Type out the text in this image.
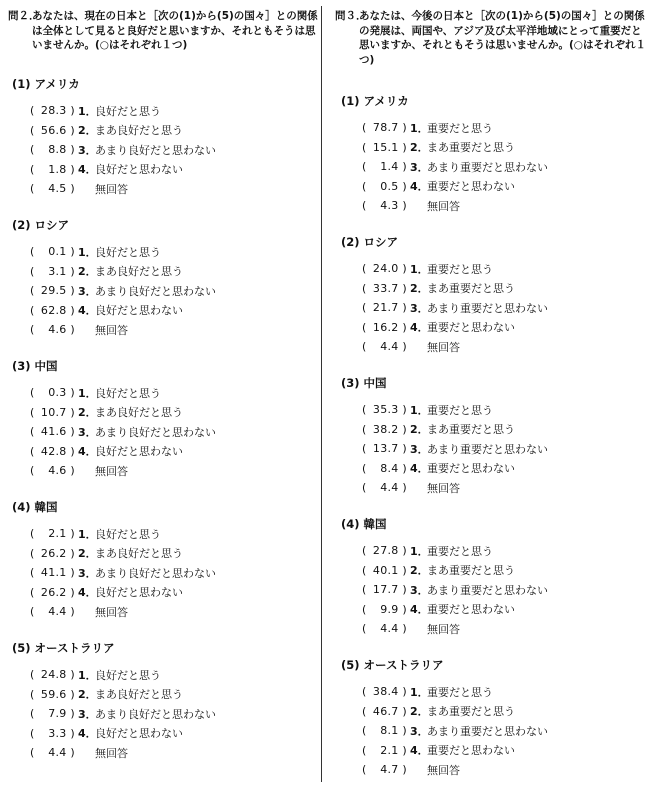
問２．
あなたは、現在の日本と［次の(1)から(5)の国々］との関係は全体として見ると良好だと思いますか、それともそうは思いませんか。(○はそれぞれ１つ)
(1) アメリカ
( 28.3 ) 1．
良好だと思う
( 56.6 ) 2．
まあ良好だと思う
( 8.8 ) 3．
あまり良好だと思わない
( 1.8 ) 4．
良好だと思わない
( 4.5 ) 無回答
(2) ロシア
( 0.1 ) 1．
良好だと思う
( 3.1 ) 2．
まあ良好だと思う
( 29.5 ) 3．
あまり良好だと思わない
( 62.8 ) 4．
良好だと思わない
( 4.6 ) 無回答
(3) 中国
( 0.3 ) 1．
良好だと思う
( 10.7 ) 2．
まあ良好だと思う
( 41.6 ) 3．
あまり良好だと思わない
( 42.8 ) 4．
良好だと思わない
( 4.6 ) 無回答
(4) 韓国
( 2.1 ) 1．
良好だと思う
( 26.2 ) 2．
まあ良好だと思う
( 41.1 ) 3．
あまり良好だと思わない
( 26.2 ) 4．
良好だと思わない
( 4.4 ) 無回答
(5) オーストラリア
( 24.8 ) 1．
良好だと思う
( 59.6 ) 2．
まあ良好だと思う
( 7.9 ) 3．
あまり良好だと思わない
( 3.3 ) 4．
良好だと思わない
( 4.4 ) 無回答
問３．
あなたは、今後の日本と［次の(1)から(5)の国々］との関係の発展は、両国や、アジア及び太平洋地域にとって重要だと思いますか、それともそうは思いませんか。(○はそれぞれ１つ)
(1) アメリカ
( 78.7 ) 1．
重要だと思う
( 15.1 ) 2．
まあ重要だと思う
( 1.4 ) 3．
あまり重要だと思わない
( 0.5 ) 4．
重要だと思わない
( 4.3 ) 無回答
(2) ロシア
( 24.0 ) 1．
重要だと思う
( 33.7 ) 2．
まあ重要だと思う
( 21.7 ) 3．
あまり重要だと思わない
( 16.2 ) 4．
重要だと思わない
( 4.4 ) 無回答
(3) 中国
( 35.3 ) 1．
重要だと思う
( 38.2 ) 2．
まあ重要だと思う
( 13.7 ) 3．
あまり重要だと思わない
( 8.4 ) 4．
重要だと思わない
( 4.4 ) 無回答
(4) 韓国
( 27.8 ) 1．
重要だと思う
( 40.1 ) 2．
まあ重要だと思う
( 17.7 ) 3．
あまり重要だと思わない
( 9.9 ) 4．
重要だと思わない
( 4.4 ) 無回答
(5) オーストラリア
( 38.4 ) 1．
重要だと思う
( 46.7 ) 2．
まあ重要だと思う
( 8.1 ) 3．
あまり重要だと思わない
( 2.1 ) 4．
重要だと思わない
( 4.7 ) 無回答
